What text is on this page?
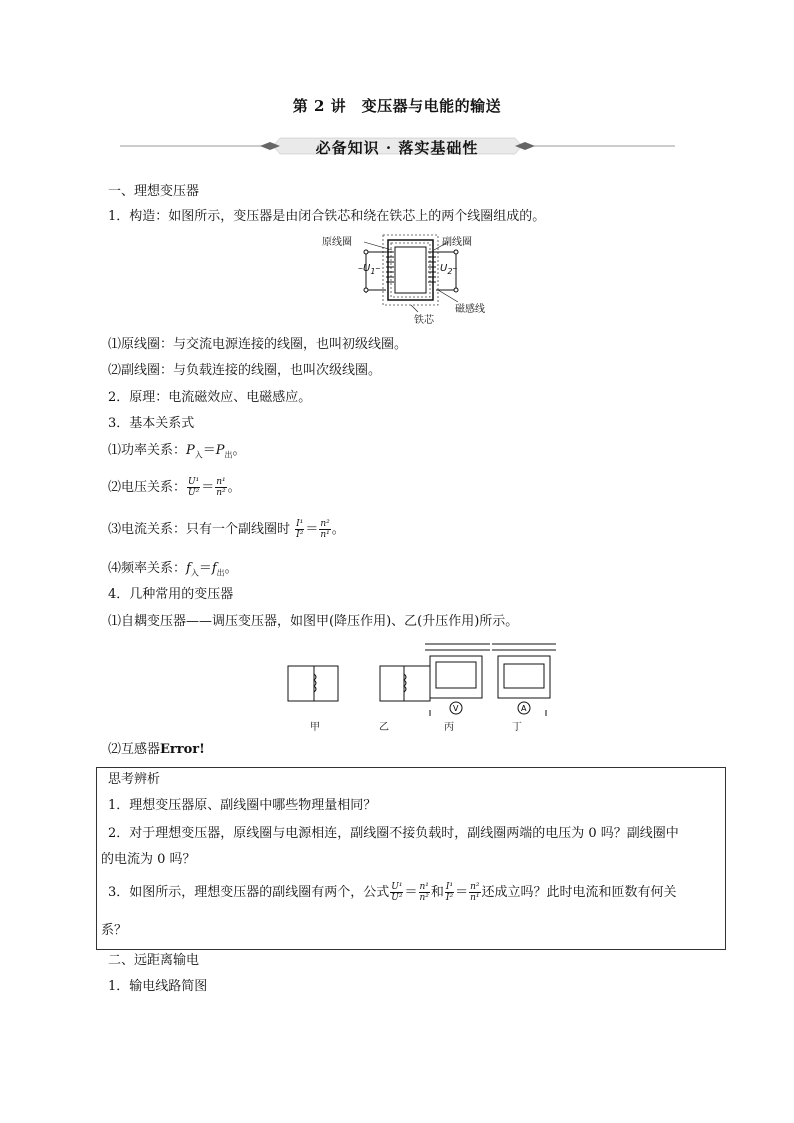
第 2 讲　变压器与电能的输送
必备知识 · 落实基础性
一、理想变压器
1．构造：如图所示，变压器是由闭合铁芯和绕在铁芯上的两个线圈组成的。
原线圈	副线圈
$-U_1-$	$U_2-$
铁芯
磁感线
⑴原线圈：与交流电源连接的线圈，也叫初级线圈。
⑵副线圈：与负载连接的线圈，也叫次级线圈。
2．原理：电流磁效应、电磁感应。
3．基本关系式
⑴功率关系：$P_入=P_出$。
⑵电压关系： $\frac{\text{U¹}}{\text{U²}} = \frac{\text{n¹}}{\text{n²}}$ 。
⑶电流关系：只有一个副线圈时 $\frac{\text{I¹}}{\text{I²}} = \frac{\text{n²}}{\text{n¹}}$ 。
⑷频率关系：$f_入=f_出$。
4．几种常用的变压器
⑴自耦变压器——调压变压器，如图甲(降压作用)、乙(升压作用)所示。
V	A
甲	乙	丙	丁
⑵互感器Error!
思考辨析
1．理想变压器原、副线圈中哪些物理量相同？
2．对于理想变压器，原线圈与电源相连，副线圈不接负载时，副线圈两端的电压为 0 吗？副线圈中
的电流为 0 吗？
3．如图所示，理想变压器的副线圈有两个，公式 $\frac{\text{U¹}}{\text{U²}} = \frac{\text{n¹}}{\text{n²}}$ 和 $\frac{\text{I¹}}{\text{I²}} = \frac{\text{n²}}{\text{n¹}}$ 还成立吗？此时电流和匝数有何关
系？
二、远距离输电
1．输电线路简图
